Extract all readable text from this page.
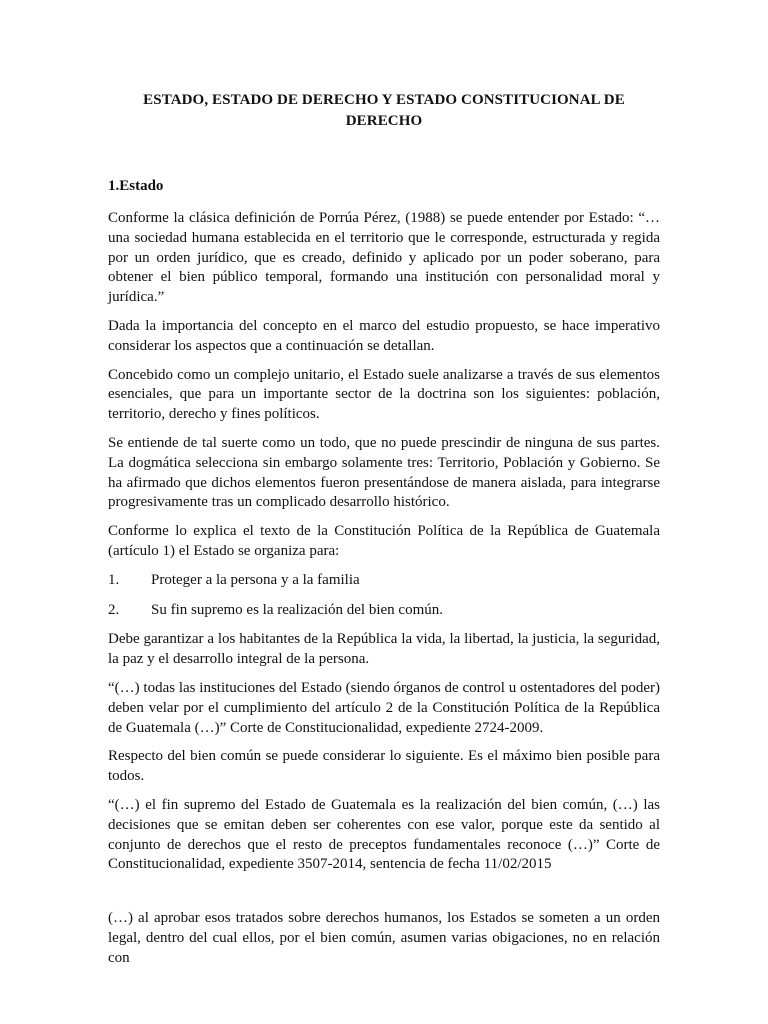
ESTADO, ESTADO DE DERECHO Y ESTADO CONSTITUCIONAL DE DERECHO
1.Estado

Conforme la clásica definición de Porrúa Pérez, (1988) se puede entender por Estado: “…una sociedad humana establecida en el territorio que le corresponde, estructurada y regida por un orden jurídico, que es creado, definido y aplicado por un poder soberano, para obtener el bien público temporal, formando una institución con personalidad moral y jurídica.”

Dada la importancia del concepto en el marco del estudio propuesto, se hace imperativo considerar los aspectos que a continuación se detallan.

Concebido como un complejo unitario, el Estado suele analizarse a través de sus elementos esenciales, que para un importante sector de la doctrina son los siguientes: población, territorio, derecho y fines políticos.

Se entiende de tal suerte como un todo, que no puede prescindir de ninguna de sus partes. La dogmática selecciona sin embargo solamente tres: Territorio, Población y Gobierno. Se ha afirmado que dichos elementos fueron presentándose de manera aislada, para integrarse progresivamente tras un complicado desarrollo histórico.

Conforme lo explica el texto de la Constitución Política de la República de Guatemala (artículo 1) el Estado se organiza para:

1.	Proteger a la persona y a la familia
2.	Su fin supremo es la realización del bien común.

Debe garantizar a los habitantes de la República la vida, la libertad, la justicia, la seguridad, la paz y el desarrollo integral de la persona.

“(…) todas las instituciones del Estado (siendo órganos de control u ostentadores del poder) deben velar por el cumplimiento del artículo 2 de la Constitución Política de la República de Guatemala (…)” Corte de Constitucionalidad, expediente 2724-2009.

Respecto del bien común se puede considerar lo siguiente. Es el máximo bien posible para todos.

“(…) el fin supremo del Estado de Guatemala es la realización del bien común, (…) las decisiones que se emitan deben ser coherentes con ese valor, porque este da sentido al conjunto de derechos que el resto de preceptos fundamentales reconoce (…)” Corte de Constitucionalidad, expediente 3507-2014, sentencia de fecha 11/02/2015

(…) al aprobar esos tratados sobre derechos humanos, los Estados se someten a un orden legal, dentro del cual ellos, por el bien común, asumen varias obigaciones, no en relación con
